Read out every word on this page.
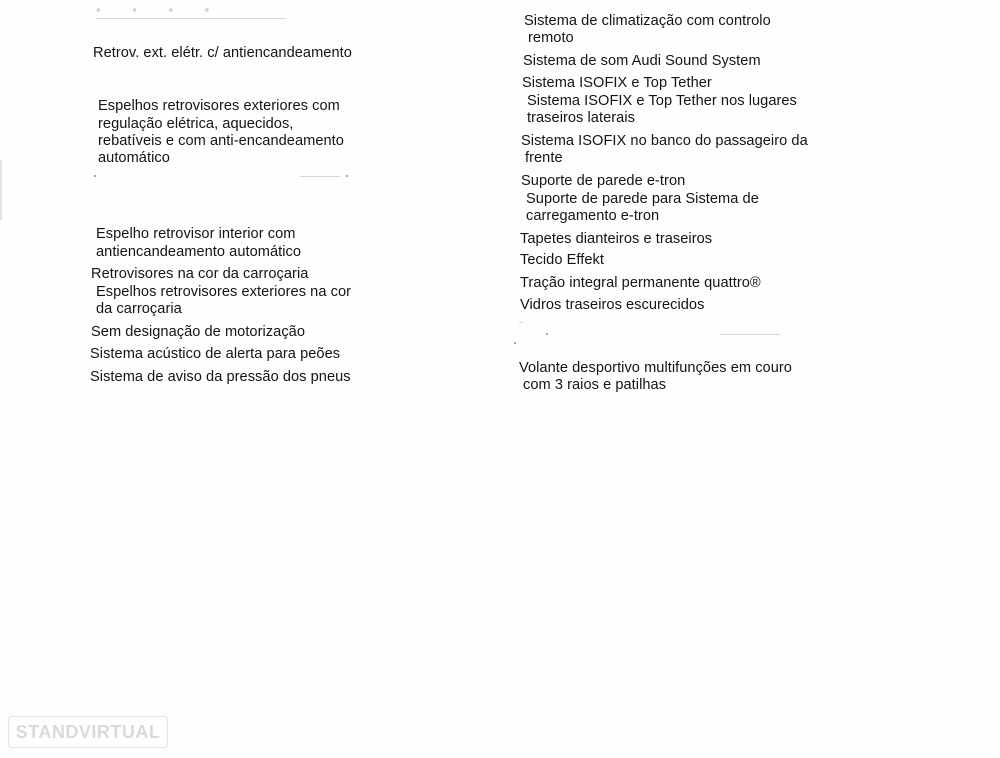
▪ ▪ ▪ ▪
Retrov. ext. elétr. c/ antiencandeamento
Espelhos retrovisores exteriores com
regulação elétrica, aquecidos,
rebatíveis e com anti-encandeamento
automático
Espelho retrovisor interior com
antiencandeamento automático
Retrovisores na cor da carroçaria
Espelhos retrovisores exteriores na cor
da carroçaria
Sem designação de motorização
Sistema acústico de alerta para peões
Sistema de aviso da pressão dos pneus
Sistema de climatização com controlo
remoto
Sistema de som Audi Sound System
Sistema ISOFIX e Top Tether
Sistema ISOFIX e Top Tether nos lugares
traseiros laterais
Sistema ISOFIX no banco do passageiro da
frente
Suporte de parede e-tron
Suporte de parede para Sistema de
carregamento e-tron
Tapetes dianteiros e traseiros
Tecido Effekt
Tração integral permanente quattro®
Vidros traseiros escurecidos
Volante desportivo multifunções em couro
com 3 raios e patilhas
STANDVIRTUAL
